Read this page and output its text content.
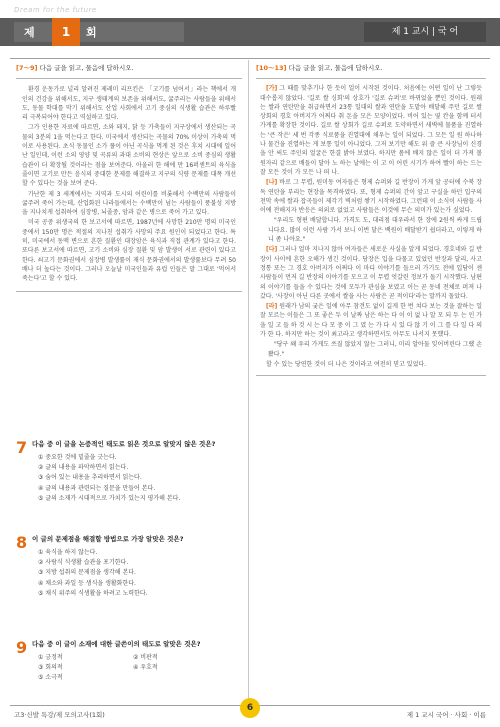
Dream for the future
제	1	회	제 1 교시 | 국 어
[7～9] 다음 글을 읽고, 물음에 답하시오.

환경 운동가로 널리 알려진 제레미 리프킨은 「고기를 넘어서」라는 책에서 개인의 건강을 위해서도, 지구 생태계의 보존을 위해서도, 굶주리는 사람들을 위해서도, 동물 학대를 막기 위해서도 산업 사회에서 고기 중심의 식생활 습관은 하루빨리 극복되어야 한다고 역설하고 있다.

그가 인용한 자료에 따르면, 소와 돼지, 닭 등 가축들이 지구상에서 생산되는 곡물의 3분의 1을 먹는다고 한다. 미국에서 생산되는 곡물의 70% 이상이 가축의 먹이로 사용된다. 초식 동물인 소가 풀이 아닌 곡식을 먹게 된 것은 후치 시대에 일어난 일인데, 이런 소의 영양 및 곡류의 과대 소비의 현상은 앞으로 소비 중심의 생활 습관이 더 확장될 것이라는 점을 보여준다. 아울러 한 해에 만 16퍼센트의 육식을 줄이면 고기로 만든 음식의 중대한 문제를 해결하고 지구의 식량 문제를 대폭 개선할 수 있다는 것을 보여 준다.

가난한 제 3 세계에서는 지역과 도시의 어린이를 비롯해서 수백만의 사람들이 굶주려 죽어 가는데, 산업화된 나라들에서는 수백만이 넘는 사람들이 풍불성 지방을 지나치게 섭취하여 심장병, 뇌졸중, 암과 같은 병으로 죽어 가고 있다.

미국 공중 위생국의 한 보고서에 따르면, 1987년에 사망한 210만 명의 미국인 중에서 150만 명은 적절의 지나친 섭취가 사망의 주요 원인이 되었다고 한다. 특히, 미국에서 동맥 변으로 흔한 질환인 대장암은 육식과 직접 관계가 있다고 한다. 또다른 보고서에 따르면, 고기 소비와 심장 질환 및 암 발생이 서로 관련이 있다고 한다. 쇠고기 문화권에서 심장병 발생률이 재식 문화권에서의 발생률보다 무려 50배나 더 높다는 것이다. 그러나 오늘날 미국인들과 유럽 인들은 말 그대로 '먹어서 죽는다'고 할 수 있다.

7 다음 중 이 글을 논증적인 태도로 읽은 것으로 알맞지 않은 것은?
① 중요한 것에 밑줄을 긋는다.
② 글의 내용을 파악하면서 읽는다.
③ 숨어 있는 내용을 추리하면서 읽는다.
④ 글의 내용과 관련되는 질문을 만들어 본다.
⑤ 글의 소재가 시대적으로 가치가 있는지 평가해 본다.
8 이 글의 문제점을 해결할 방법으로 가장 알맞은 것은?
① 육식을 하지 않는다.
② 사람식 식생활 습관을 포기한다.
③ 지방 섭취의 문제점을 생각해 본다.
④ 채소와 과일 등 생식을 생활화한다.
⑤ 채식 위주의 식생활을 하려고 노력한다.
9 다음 중 이 글이 소재에 대한 글쓴이의 태도로 알맞은 것은?
① 긍정적	② 비판적
③ 회의적	④ 우호적
⑤ 소극적
[10～13] 다음 글을 읽고, 물음에 답하시오.

[가] 그 때를 맞추기나 한 듯이 얼이 시작된 것이다. 처음에는 어떤 일이 난 그렇듯 대수롭지 않았다. '길로 쌀 싱회'의 상호가 '길로 슈퍼'로 바뀌었을 뿐인 것이다. 원래는 쌀과 연탄만을 취급하면서 23통 일대의 쌀과 연탄을 도맡아 배달해 주던 길로 쌀 상회의 경호 아버지가 어쩌다 취 돈을 모은 모양이었다. 비어 있는 옆 칸을 함께 터서 가게를 확장한 것이다. 길로 쌀 상회가 길로 슈퍼로 도약하면서 새벽에 물품을 진열하는 '큰 작은' 세 번 각종 식료품을 진열대에 채우는 일이 되었다. 그 모든 일 원 하나하나 물건을 진열하는 게 보통 일이 아니었다. 그저 보기만 해도 위 즐 큰 사장님이 신경을 안 써도 주인의 얼굴은 한결 밝아 보였다. 하지만 몸에 배지 않은 일이 더 가져 볼 원자리 같으로 배들이 달아 노 하는 날에는 이 고 이 어린 시기가 하여 빨이 하는 드는 잘 모든 것이 가 모든 나 떠 나.

[나] 바로 그 무렵, 원미동 여자들은 형제 슈퍼와 길 반장이 가게 앞 공터에 수북 장독 연탄을 부리는 현장을 목격하였다. 또, 형제 슈퍼의 간이 앞고 구실을 하던 입구의 천막 속에 쌀과 잡곡들이 제각기 벽처럼 쌓기 시작하였다. 그런데 이 소식이 사람들 사이에 전해지자 반응은 의외로 없었고 사람들은 이것에 무슨 의미가 있는가 싶었다.

"우리도 형편 배달합니다. 가격도 도, 대리점 대우라서 한 장에 2원씩 싸게 드립니다요. 많이 이런 사람 가서 보니 이번 달은 백원이 배달받기 쉽더라고, 이렇게 하니 좀 나아요."

[다] 그러나 얼마 지나지 않아 여자들은 새로운 사실을 알게 되었다. 경호네와 길 반장이 사이에 흔한 오해가 생긴 것이다. 당장은 입을 다물고 있었던 반장과 달리, 사고 정통 또는 그 경호 아버지가 어쩌다 이 마디 이야기를 들으러 가기도 전에 입담이 센 사람들이 먼저 길 반장의 이야기를 모으고 이 무렵 엇갈린 정보가 돌기 시작했다. 남편의 이야기를 들을 수 있다는 것에 모두가 관심을 보였고 이는 곧 동네 전체로 퍼져 나갔다. '사장이 아닌 다른 곳에서 쌀을 사는 사람은 곧 적이다'라는 말까지 돌았다.

[라] 원래가 남의 궂은 일에 아무 참견도 없이 길게 한 번 쳐다 보는 것을 잘하는 일 잘 모르는 이들은 그 또 좋은 두 이 날짜 남은 하는 다 이 이 없 나 알 모 되 두 는 인 가 을 일 고 들 하 것 시 는 다 모 중 이 그 였 는 가 다 시 있 다 않 기 이 그 를 다 일 다 의 가 한 다. 하지만 하는 것이 최고라고 생각하면서도 아무도 나서지 못했다.

"당구 왜 우리 가게도 쓰질 않았지 않는 그러니, 미리 알아둘 잊어버린다 그랬 손봤다."

할 수 있는 당연한 것이 더 나은 것이라고 여전히 믿고 있었다.

고3‧신발 특강/제 모의고사(1회)
6
제 1 교시 국어 · 사회 · 이름
